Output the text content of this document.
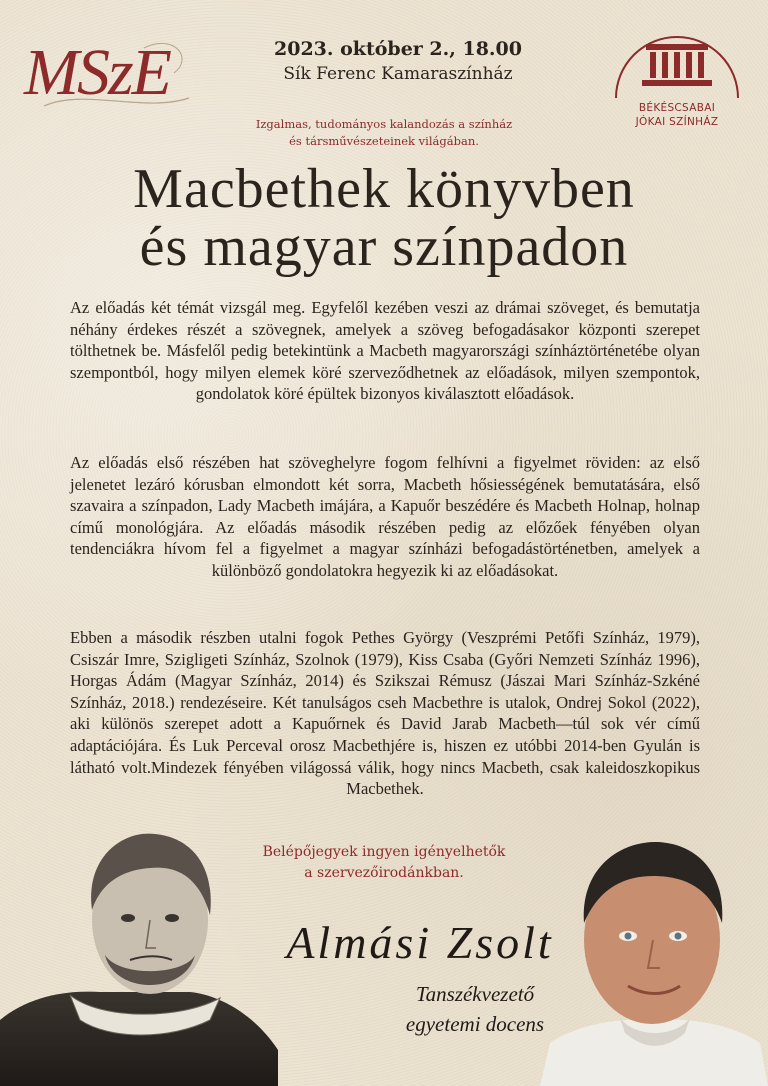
MSzE	2023. október 2., 18.00
Sík Ferenc Kamaraszínház
BÉKÉSCSABAI
JÓKAI SZÍNHÁZ
Izgalmas, tudományos kalandozás a színház
és társművészeteinek világában.
Macbethek könyvben
és magyar színpadon
Az előadás két témát vizsgál meg. Egyfelől kezében veszi az drámai szöveget, és bemutatja néhány érdekes részét a szövegnek, amelyek a szöveg befogadásakor központi szerepet tölthetnek be. Másfelől pedig betekintünk a Macbeth magyarországi színháztörténetébe olyan szempontból, hogy milyen elemek köré szerveződhetnek az előadások, milyen szempontok, gondolatok köré épültek bizonyos kiválasztott előadások.
Az előadás első részében hat szöveghelyre fogom felhívni a figyelmet röviden: az első jelenetet lezáró kórusban elmondott két sorra, Macbeth hősiességének bemutatására, első szavaira a színpadon, Lady Macbeth imájára, a Kapuőr beszédére és Macbeth Holnap, holnap című monológjára. Az előadás második részében pedig az előzőek fényében olyan tendenciákra hívom fel a figyelmet a magyar színházi befogadástörténetben, amelyek a különböző gondolatokra hegyezik ki az előadásokat.
Ebben a második részben utalni fogok Pethes György (Veszprémi Petőfi Színház, 1979), Csiszár Imre, Szigligeti Színház, Szolnok (1979), Kiss Csaba (Győri Nemzeti Színház 1996), Horgas Ádám (Magyar Színház, 2014) és Szikszai Rémusz (Jászai Mari Színház-Szkéné Színház, 2018.) rendezéseire. Két tanulságos cseh Macbethre is utalok, Ondrej Sokol (2022), aki különös szerepet adott a Kapuőrnek és David Jarab Macbeth—túl sok vér című adaptációjára. És Luk Perceval orosz Macbethjére is, hiszen ez utóbbi 2014-ben Gyulán is látható volt.Mindezek fényében világossá válik, hogy nincs Macbeth, csak kaleidoszkopikus Macbethek.
Belépőjegyek ingyen igényelhetők
a szervezőirodánkban.
Almási Zsolt
Tanszékvezető
egyetemi docens
